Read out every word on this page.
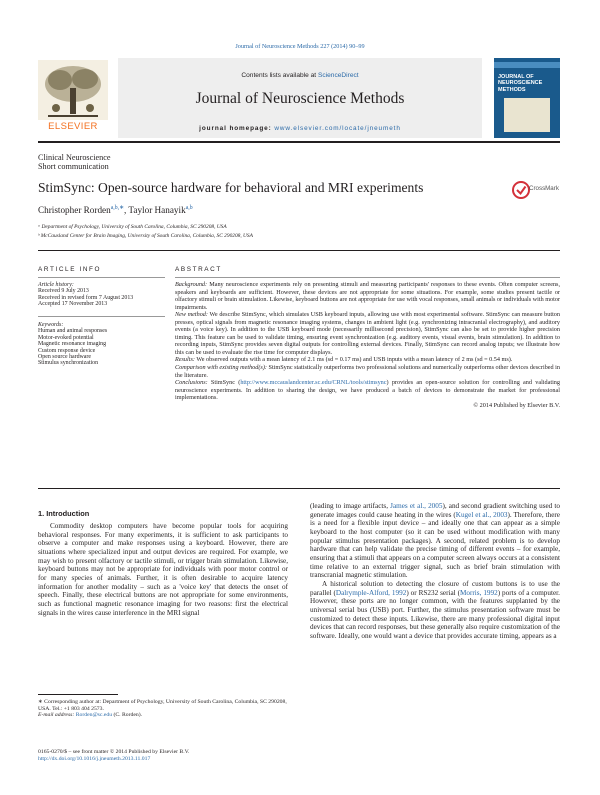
Journal of Neuroscience Methods 227 (2014) 90–99
Contents lists available at ScienceDirect
Journal of Neuroscience Methods
journal homepage: www.elsevier.com/locate/jneumeth
ELSEVIER
JOURNAL OF NEUROSCIENCE METHODS
Clinical Neuroscience
Short communication
StimSync: Open-source hardware for behavioral and MRI experiments	CrossMark
Christopher Rorden$^{a,b,∗}$, Taylor Hanayik$^{a,b}$
ᵃ Department of Psychology, University of South Carolina, Columbia, SC 290208, USA
ᵇ McCausland Center for Brain Imaging, University of South Carolina, Columbia, SC 290208, USA
ARTICLE INFO	ABSTRACT
Article history:
Received 9 July 2013
Received in revised form 7 August 2013
Accepted 17 November 2013
Keywords:
Human and animal responses
Motor-evoked potential
Magnetic resonance imaging
Custom response device
Open source hardware
Stimulus synchronization

Background: Many neuroscience experiments rely on presenting stimuli and measuring participants' responses to these events. Often computer screens, speakers and keyboards are sufficient. However, these devices are not appropriate for some situations. For example, some studies present tactile or olfactory stimuli or brain stimulation. Likewise, keyboard buttons are not appropriate for use with vocal responses, small animals or individuals with motor impairments.

New method: We describe StimSync, which simulates USB keyboard inputs, allowing use with most experimental software. StimSync can measure button presses, optical signals from magnetic resonance imaging systems, changes in ambient light (e.g. synchronizing intracranial electrography), and auditory events (a voice key). In addition to the USB keyboard mode (necessarily millisecond precision), StimSync can also be set to provide higher precision timing. This feature can be used to validate timing, ensuring event synchronization (e.g. auditory events, visual events, brain stimulation). In addition to recording inputs, StimSync provides seven digital outputs for controlling external devices. Finally, StimSync can record analog inputs; we illustrate how this can be used to evaluate the rise time for computer displays.

Results: We observed outputs with a mean latency of 2.1 ms (sd = 0.17 ms) and USB inputs with a mean latency of 2 ms (sd = 0.54 ms).

Comparison with existing method(s): StimSync statistically outperforms two professional solutions and numerically outperforms other devices described in the literature.

Conclusions: StimSync (http://www.mccauslandcenter.sc.edu/CRNL/tools/stimsync) provides an open-source solution for controlling and validating neuroscience experiments. In addition to sharing the design, we have produced a batch of devices to demonstrate the market for professional implementations.

© 2014 Published by Elsevier B.V.

1. Introduction

Commodity desktop computers have become popular tools for acquiring behavioral responses. For many experiments, it is sufficient to ask participants to observe a computer and make responses using a keyboard. However, there are situations where specialized input and output devices are required. For example, we may wish to present olfactory or tactile stimuli, or trigger brain stimulation. Likewise, keyboard buttons may not be appropriate for individuals with poor motor control or for many species of animals. Further, it is often desirable to acquire latency information for another modality – such as a 'voice key' that detects the onset of speech. Finally, these electrical buttons are not appropriate for some environments, such as functional magnetic resonance imaging for two reasons: first the electrical signals in the wires cause interference in the MRI signal

(leading to image artifacts, James et al., 2005), and second gradient switching used to generate images could cause heating in the wires (Kugel et al., 2003). Therefore, there is a need for a flexible input device – and ideally one that can appear as a simple keyboard to the host computer (so it can be used without modification with many popular stimulus presentation packages). A second, related problem is to develop hardware that can help validate the precise timing of different events – for example, ensuring that a stimuli that appears on a computer screen always occurs at a consistent time relative to an external trigger signal, such as brief brain stimulation with transcranial magnetic stimulation.

A historical solution to detecting the closure of custom buttons is to use the parallel (Dalrymple-Alford, 1992) or RS232 serial (Morris, 1992) ports of a computer. However, these ports are no longer common, with the features supplanted by the universal serial bus (USB) port. Further, the stimulus presentation software must be customized to detect these inputs. Likewise, there are many professional digital input devices that can record responses, but these generally also require customization of the software. Ideally, one would want a device that provides accurate timing, appears as a

∗ Corresponding author at: Department of Psychology, University of South Carolina, Columbia, SC 290208, USA. Tel.: +1 803 404 2573.
E-mail address: Rorden@sc.edu (C. Rorden).
0165-0270/$ – see front matter © 2014 Published by Elsevier B.V.
http://dx.doi.org/10.1016/j.jneumeth.2013.11.017
